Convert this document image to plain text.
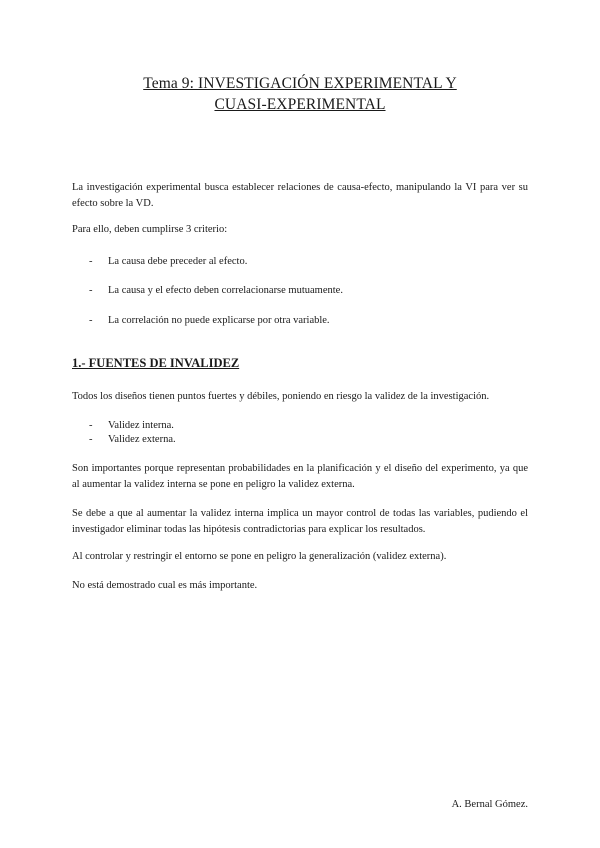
Tema 9: INVESTIGACIÓN EXPERIMENTAL Y
CUASI-EXPERIMENTAL
La investigación experimental busca establecer relaciones de causa-efecto, manipulando la VI para ver su efecto sobre la VD.
Para ello, deben cumplirse 3 criterio:
- La causa debe preceder al efecto.
- La causa y el efecto deben correlacionarse mutuamente.
- La correlación no puede explicarse por otra variable.
1.- FUENTES DE INVALIDEZ
Todos los diseños tienen puntos fuertes y débiles, poniendo en riesgo la validez de la investigación.
- Validez interna.
- Validez externa.
Son importantes porque representan probabilidades en la planificación y el diseño del experimento, ya que al aumentar la validez interna se pone en peligro la validez externa.
Se debe a que al aumentar la validez interna implica un mayor control de todas las variables, pudiendo el investigador eliminar todas las hipótesis contradictorias para explicar los resultados.
Al controlar y restringir el entorno se pone en peligro la generalización (validez externa).
No está demostrado cual es más importante.
A. Bernal Gómez.
